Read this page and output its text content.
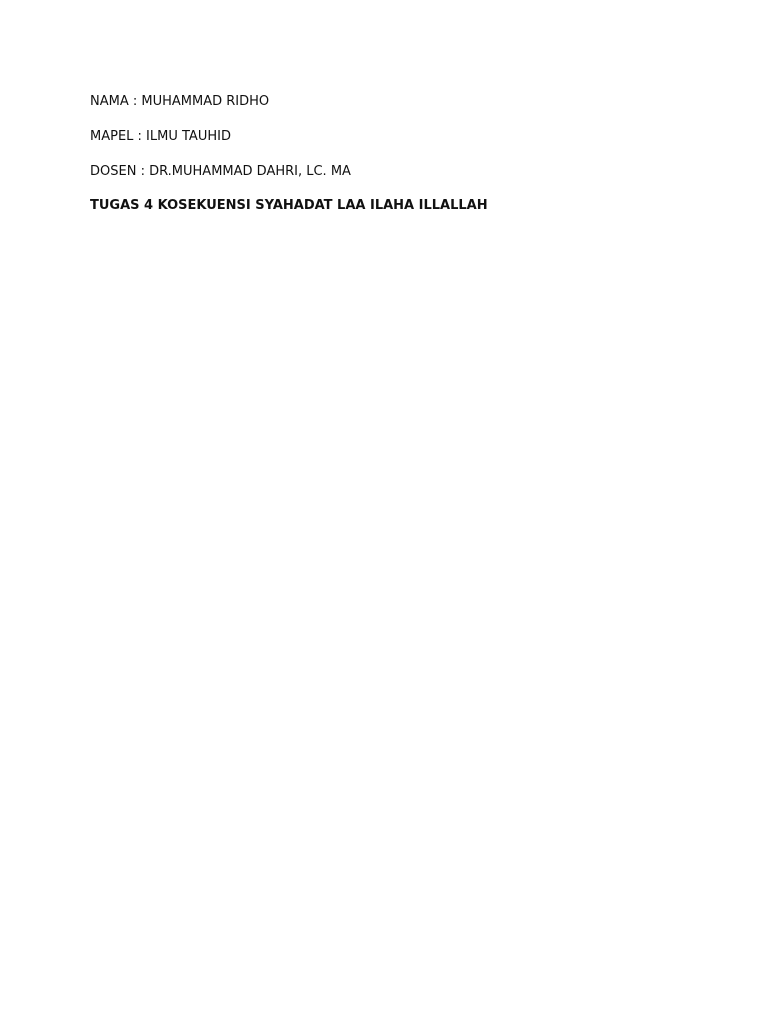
NAMA : MUHAMMAD RIDHO
MAPEL : ILMU TAUHID
DOSEN : DR.MUHAMMAD DAHRI, LC. MA
TUGAS 4 KOSEKUENSI SYAHADAT LAA ILAHA ILLALLAH
